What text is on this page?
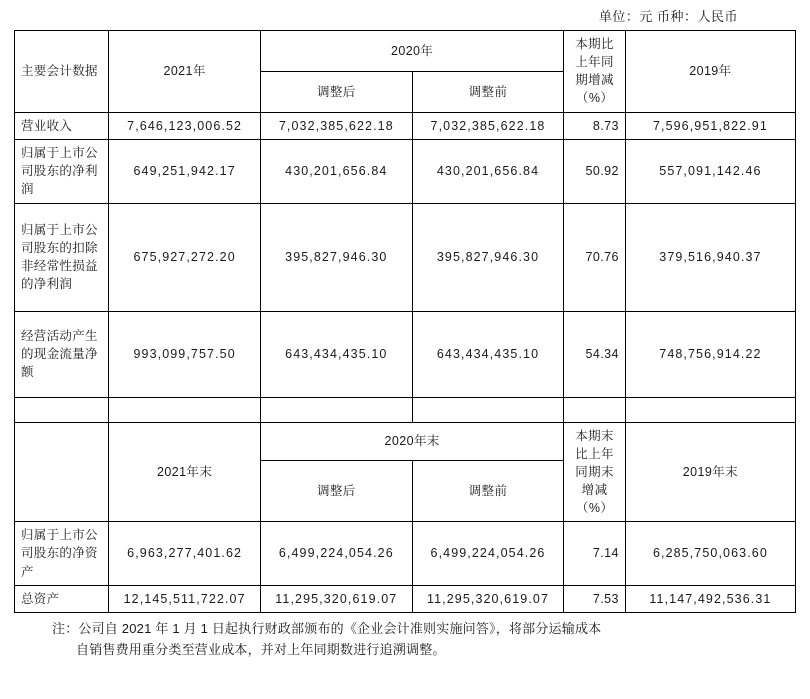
单位：元 币种：人民币
主要会计数据	2021年	2020年		本期比上年同期增减（%）	2019年
		调整后	调整前		
营业收入	7,646,123,006.52	7,032,385,622.18	7,032,385,622.18	8.73	7,596,951,822.91
归属于上市公司股东的净利润	649,251,942.17	430,201,656.84	430,201,656.84	50.92	557,091,142.46
归属于上市公司股东的扣除非经常性损益的净利润	675,927,272.20	395,827,946.30	395,827,946.30	70.76	379,516,940.37
经营活动产生的现金流量净额	993,099,757.50	643,434,435.10	643,434,435.10	54.34	748,756,914.22

	2021年末	2020年末		本期末比上年同期末增减（%）	2019年末
		调整后	调整前		
归属于上市公司股东的净资产	6,963,277,401.62	6,499,224,054.26	6,499,224,054.26	7.14	6,285,750,063.60
总资产	12,145,511,722.07	11,295,320,619.07	11,295,320,619.07	7.53	11,147,492,536.31
注：公司自 2021 年 1 月 1 日起执行财政部颁布的《企业会计准则实施问答》，将部分运输成本
自销售费用重分类至营业成本，并对上年同期数进行追溯调整。
